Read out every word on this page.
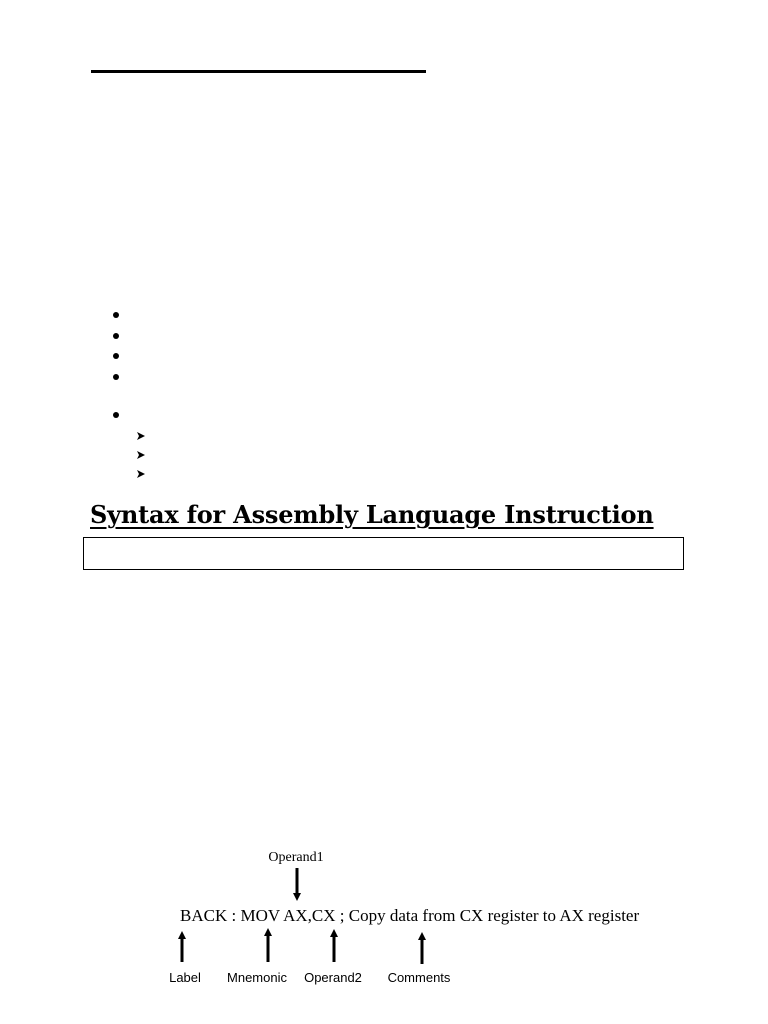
Syntax for Assembly Language Instruction
Operand1
BACK : MOV AX,CX ; Copy data from CX register to AX register
Label Mnemonic Operand2 Comments
